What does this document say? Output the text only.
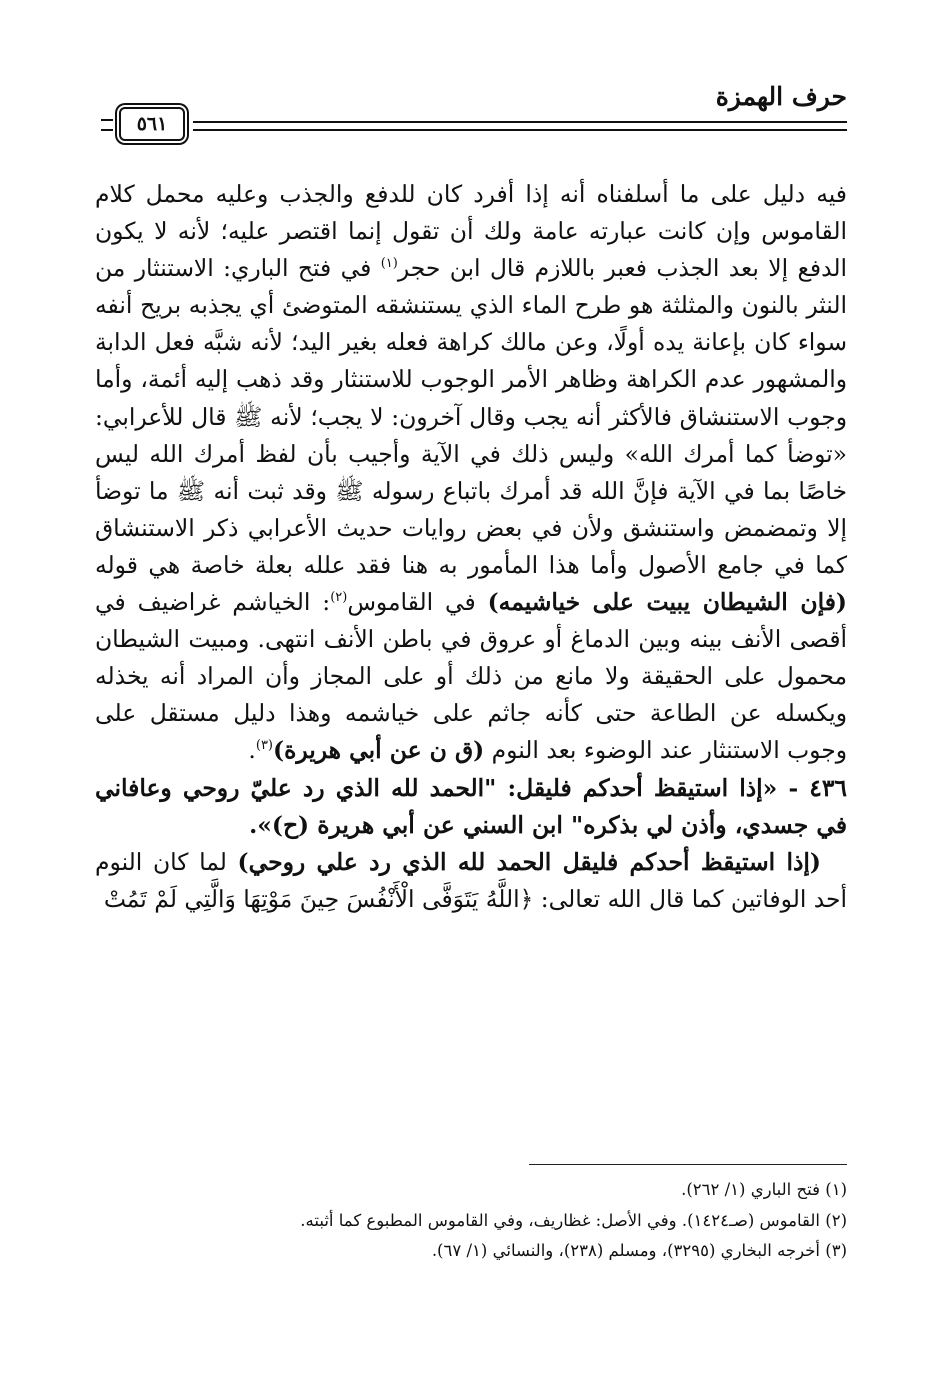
حرف الهمزة
٥٦١

فيه دليل على ما أسلفناه أنه إذا أفرد كان للدفع والجذب وعليه محمل كلام القاموس وإن كانت عبارته عامة ولك أن تقول إنما اقتصر عليه؛ لأنه لا يكون الدفع إلا بعد الجذب فعبر باللازم قال ابن حجر$^{(١)}$ في فتح الباري: الاستنثار من النثر بالنون والمثلثة هو طرح الماء الذي يستنشقه المتوضئ أي يجذبه بريح أنفه سواء كان بإعانة يده أولًا، وعن مالك كراهة فعله بغير اليد؛ لأنه شبَّه فعل الدابة والمشهور عدم الكراهة وظاهر الأمر الوجوب للاستنثار وقد ذهب إليه أئمة، وأما وجوب الاستنشاق فالأكثر أنه يجب وقال آخرون: لا يجب؛ لأنه ﷺ قال للأعرابي: «توضأ كما أمرك الله» وليس ذلك في الآية وأجيب بأن لفظ أمرك الله ليس خاصًا بما في الآية فإنَّ الله قد أمرك باتباع رسوله ﷺ وقد ثبت أنه ﷺ ما توضأ إلا وتمضمض واستنشق ولأن في بعض روايات حديث الأعرابي ذكر الاستنشاق كما في جامع الأصول وأما هذا المأمور به هنا فقد علله بعلة خاصة هي قوله (فإن الشيطان يبيت على خياشيمه) في القاموس$^{(٢)}$: الخياشم غراضيف في أقصى الأنف بينه وبين الدماغ أو عروق في باطن الأنف انتهى. ومبيت الشيطان محمول على الحقيقة ولا مانع من ذلك أو على المجاز وأن المراد أنه يخذله ويكسله عن الطاعة حتى كأنه جاثم على خياشمه وهذا دليل مستقل على وجوب الاستنثار عند الوضوء بعد النوم (ق ن عن أبي هريرة)$^{(٣)}$.

٤٣٦ - «إذا استيقظ أحدكم فليقل: "الحمد لله الذي رد عليّ روحي وعافاني في جسدي، وأذن لي بذكره" ابن السني عن أبي هريرة (ح)».

(إذا استيقظ أحدكم فليقل الحمد لله الذي رد علي روحي) لما كان النوم أحد الوفاتين كما قال الله تعالى: ﴿اللَّهُ يَتَوَفَّى الْأَنْفُسَ حِينَ مَوْتِهَا وَالَّتِي لَمْ تَمُتْ

(١) فتح الباري (١/ ٢٦٢).

(٢) القاموس (صـ١٤٢٤). وفي الأصل: غظاريف، وفي القاموس المطبوع كما أثبته.

(٣) أخرجه البخاري (٣٢٩٥)، ومسلم (٢٣٨)، والنسائي (١/ ٦٧).
